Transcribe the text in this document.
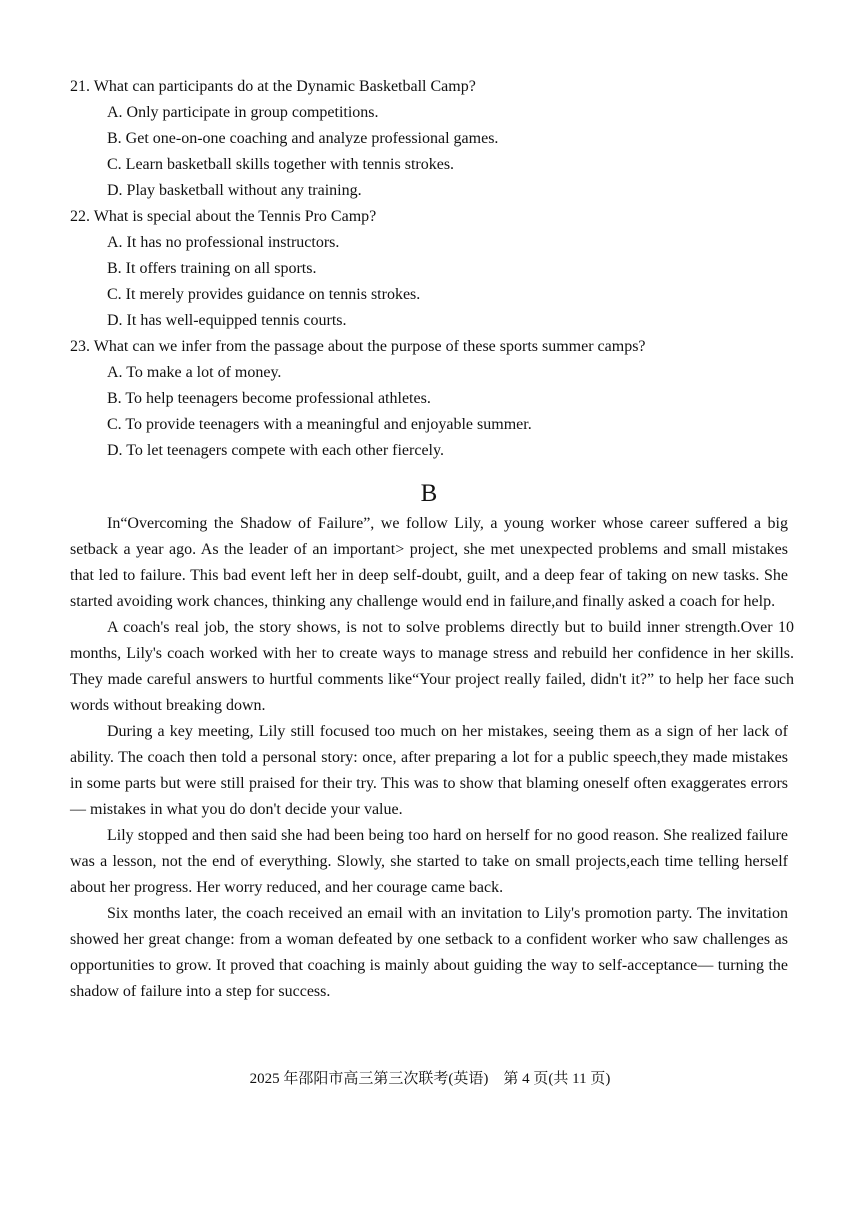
21. What can participants do at the Dynamic Basketball Camp?
A. Only participate in group competitions.
B. Get one-on-one coaching and analyze professional games.
C. Learn basketball skills together with tennis strokes.
D. Play basketball without any training.
22. What is special about the Tennis Pro Camp?
A. It has no professional instructors.
B. It offers training on all sports.
C. It merely provides guidance on tennis strokes.
D. It has well-equipped tennis courts.
23. What can we infer from the passage about the purpose of these sports summer camps?
A. To make a lot of money.
B. To help teenagers become professional athletes.
C. To provide teenagers with a meaningful and enjoyable summer.
D. To let teenagers compete with each other fiercely.
B

In“Overcoming the Shadow of Failure”, we follow Lily, a young worker whose career suffered a big setback a year ago. As the leader of an important> project, she met unexpected problems and small mistakes that led to failure. This bad event left her in deep self-doubt, guilt, and a deep fear of taking on new tasks. She started avoiding work chances, thinking any challenge would end in failure,and finally asked a coach for help.

A coach's real job, the story shows, is not to solve problems directly but to build inner strength.Over 10 months, Lily's coach worked with her to create ways to manage stress and rebuild her confidence in her skills. They made careful answers to hurtful comments like“Your project really failed, didn't it?” to help her face such words without breaking down.

During a key meeting, Lily still focused too much on her mistakes, seeing them as a sign of her lack of ability. The coach then told a personal story: once, after preparing a lot for a public speech,they made mistakes in some parts but were still praised for their try. This was to show that blaming oneself often exaggerates errors— mistakes in what you do don't decide your value.

Lily stopped and then said she had been being too hard on herself for no good reason. She realized failure was a lesson, not the end of everything. Slowly, she started to take on small projects,each time telling herself about her progress. Her worry reduced, and her courage came back.

Six months later, the coach received an email with an invitation to Lily's promotion party. The invitation showed her great change: from a woman defeated by one setback to a confident worker who saw challenges as opportunities to grow. It proved that coaching is mainly about guiding the way to self-acceptance— turning the shadow of failure into a step for success.

2025 年邵阳市高三第三次联考(英语)　第 4 页(共 11 页)
